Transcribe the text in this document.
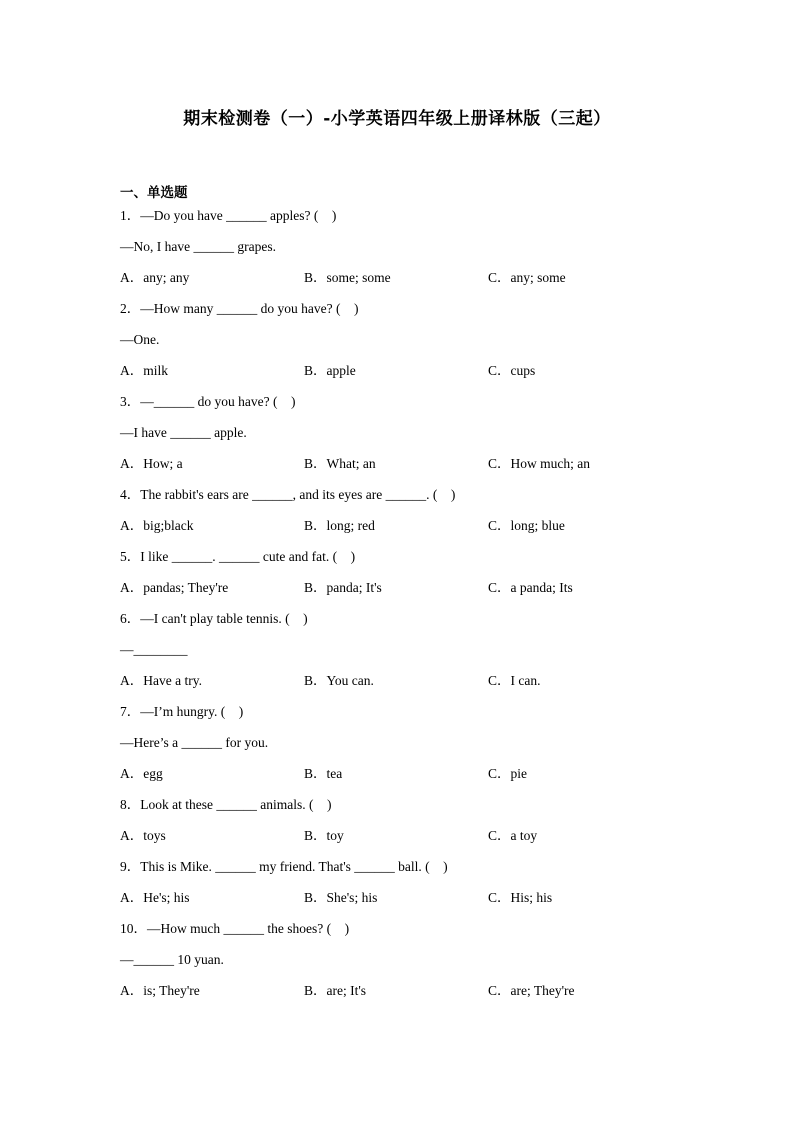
期末检测卷（一）-小学英语四年级上册译林版（三起）
一、单选题
1．—Do you have ______ apples? (　)
—No, I have ______ grapes.
A．any; any	B．some; some	C．any; some
2．—How many ______ do you have? (　)
—One.
A．milk	B．apple	C．cups
3．—______ do you have? (　)
—I have ______ apple.
A．How; a	B．What; an	C．How much; an
4．The rabbit's ears are ______, and its eyes are ______. (　)
A．big;black	B．long; red	C．long; blue
5．I like ______. ______ cute and fat. (　)
A．pandas; They're	B．panda; It's	C．a panda; Its
6．—I can't play table tennis. (　)
—________
A．Have a try.	B．You can.	C．I can.
7．—I’m hungry. (　)
—Here’s a ______ for you.
A．egg	B．tea	C．pie
8．Look at these ______ animals. (　)
A．toys	B．toy	C．a toy
9．This is Mike. ______ my friend. That's ______ ball. (　)
A．He's; his	B．She's; his	C．His; his
10．—How much ______ the shoes? (　)
—______ 10 yuan.
A．is; They're	B．are; It's	C．are; They're
